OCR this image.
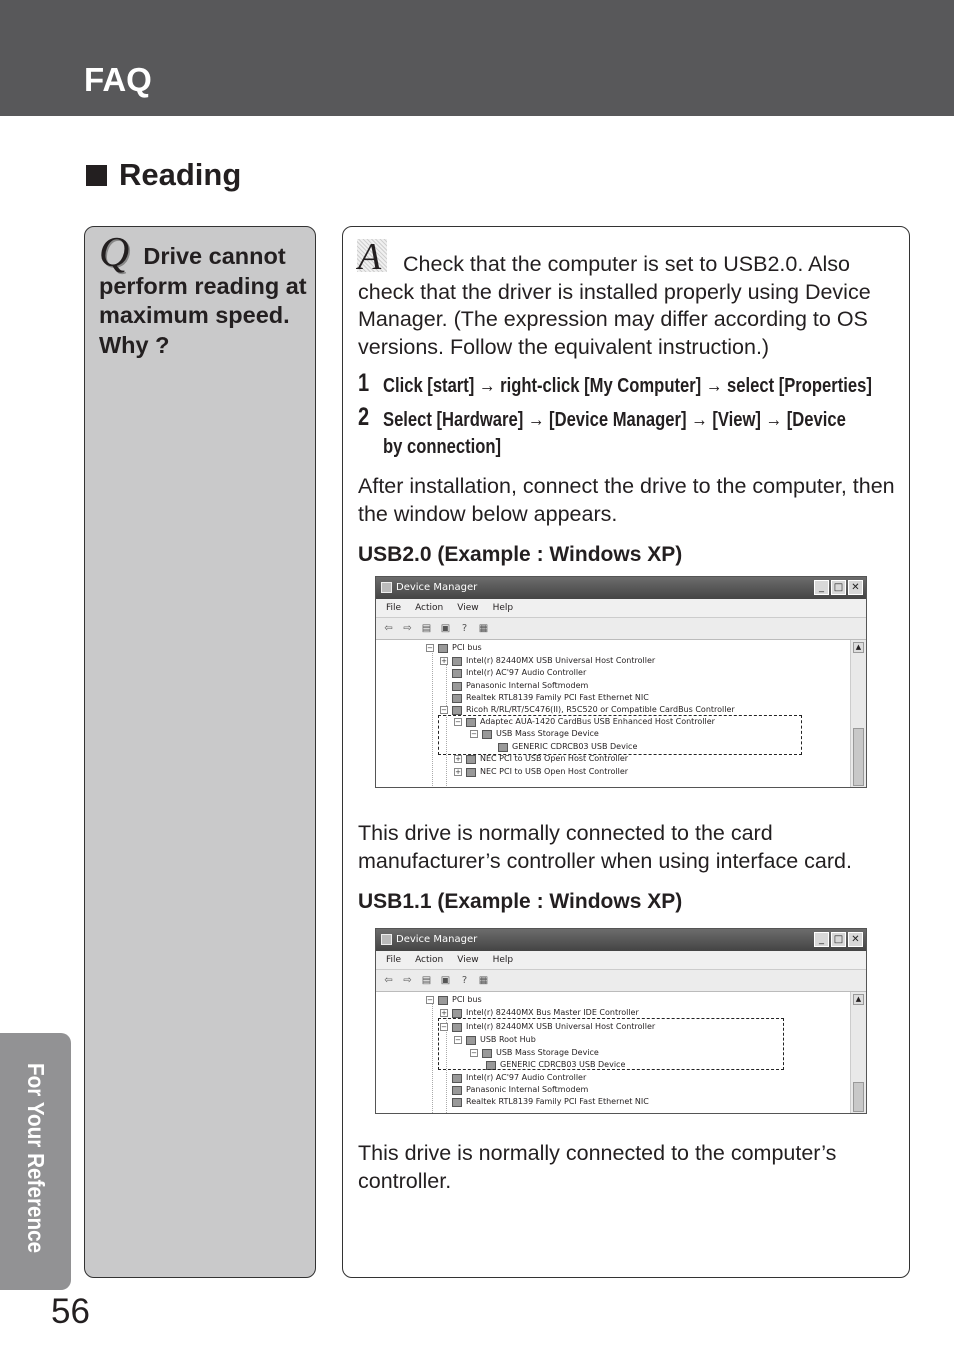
FAQ
Reading
Q Drive cannot perform reading at maximum speed. Why ?
A	Check that the computer is set to USB2.0. Also check that the driver is installed properly using Device Manager. (The expression may differ according to OS versions. Follow the equivalent instruction.)
1 Click [start] → right-click [My Computer] → select [Properties]
2 Select [Hardware] → [Device Manager] → [View] → [Device
by connection]
After installation, connect the drive to the computer, then the window below appears.
USB2.0 (Example : Windows XP)
Device Manager	_ □ ✕
File Action View Help
⇦ ⇨ ▤ ▣	?	▦
− PCI bus
+ Intel(r) 82440MX USB Universal Host Controller
Intel(r) AC'97 Audio Controller
Panasonic Internal Softmodem
Realtek RTL8139 Family PCI Fast Ethernet NIC
− Ricoh R/RL/RT/5C476(II), R5C520 or Compatible CardBus Controller
− Adaptec AUA-1420 CardBus USB Enhanced Host Controller
− USB Mass Storage Device
GENERIC CDRCB03 USB Device
+ NEC PCI to USB Open Host Controller
+ NEC PCI to USB Open Host Controller
▲
This drive is normally connected to the card manufacturer’s controller when using interface card.
USB1.1 (Example : Windows XP)
Device Manager	_ □ ✕
File Action View Help
⇦ ⇨ ▤ ▣	?	▦
− PCI bus
+ Intel(r) 82440MX Bus Master IDE Controller
− Intel(r) 82440MX USB Universal Host Controller
− USB Root Hub
− USB Mass Storage Device
GENERIC CDRCB03 USB Device
Intel(r) AC'97 Audio Controller
Panasonic Internal Softmodem
Realtek RTL8139 Family PCI Fast Ethernet NIC
▲
This drive is normally connected to the computer’s controller.
For Your Reference
56
